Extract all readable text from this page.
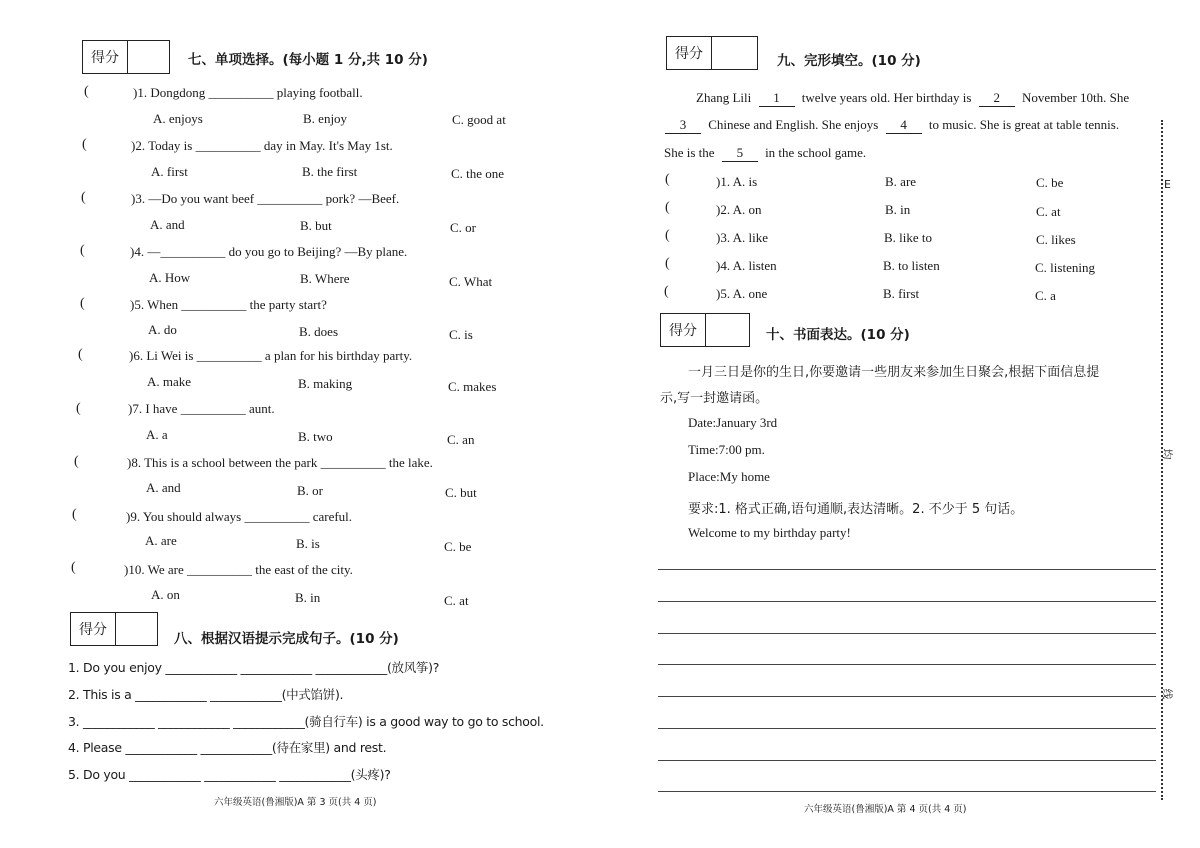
得分	七、单项选择。(每小题 1 分,共 10 分)
(	)1. Dongdong __________ playing football.
A. enjoys	B. enjoy	C. good at
(	)2. Today is __________ day in May. It's May 1st.
A. first	B. the first	C. the one
(	)3. —Do you want beef __________ pork? —Beef.
A. and	B. but	C. or
(	)4. —__________ do you go to Beijing? —By plane.
A. How	B. Where	C. What
(	)5. When __________ the party start?
A. do	B. does	C. is
(	)6. Li Wei is __________ a plan for his birthday party.
A. make	B. making	C. makes
(	)7. I have __________ aunt.
A. a	B. two	C. an
(	)8. This is a school between the park __________ the lake.
A. and	B. or	C. but
(	)9. You should always __________ careful.
A. are	B. is	C. be
(	)10. We are __________ the east of the city.
A. on	B. in	C. at
得分
八、根据汉语提示完成句子。(10 分)
1. Do you enjoy ____________ ____________ ____________(放风筝)?
2. This is a ____________ ____________(中式馅饼).
3. ____________ ____________ ____________(骑自行车) is a good way to go to school.
4. Please ____________ ____________(待在家里) and rest.
5. Do you ____________ ____________ ____________(头疼)?
六年级英语(鲁湘版)A 第 3 页(共 4 页)
得分	九、完形填空。(10 分)
Zhang Lili 1 twelve years old. Her birthday is 2 November 10th. She
3 Chinese and English. She enjoys 4 to music. She is great at table tennis.
She is the 5 in the school game.
(	)1. A. is	B. are	C. be
(	)2. A. on	B. in	C. at
(	)3. A. like	B. like to	C. likes
(	)4. A. listen	B. to listen	C. listening
(	)5. A. one	B. first	C. a
得分	十、书面表达。(10 分)
一月三日是你的生日,你要邀请一些朋友来参加生日聚会,根据下面信息提
示,写一封邀请函。
Date:January 3rd
Time:7:00 pm.
Place:My home
要求:1. 格式正确,语句通顺,表达清晰。2. 不少于 5 句话。
Welcome to my birthday party!
六年级英语(鲁湘版)A 第 4 页(共 4 页)
E
均
线
